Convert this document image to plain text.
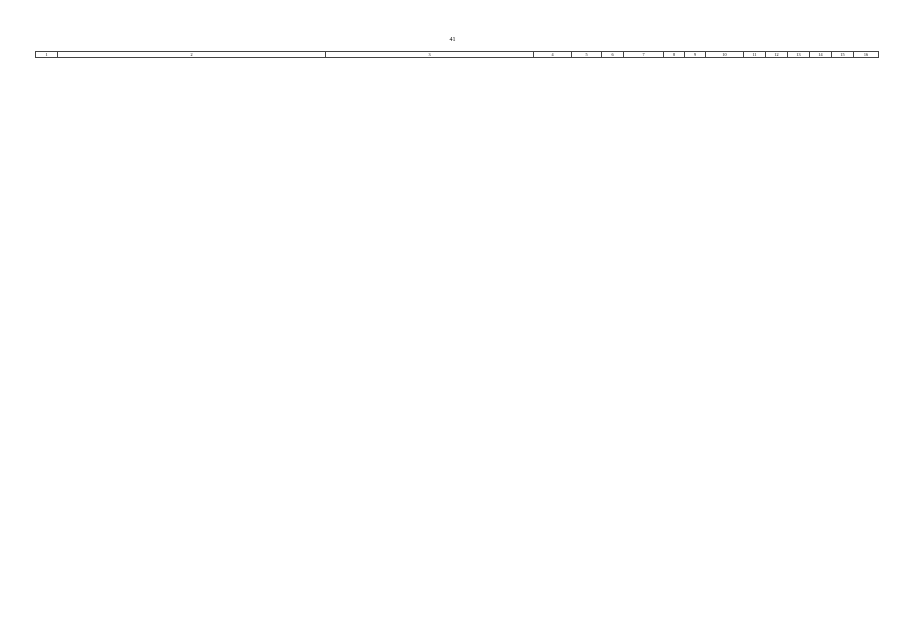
41
1	2	3	4	5	6	7	8	9	10	11	12	13	14	15	16
